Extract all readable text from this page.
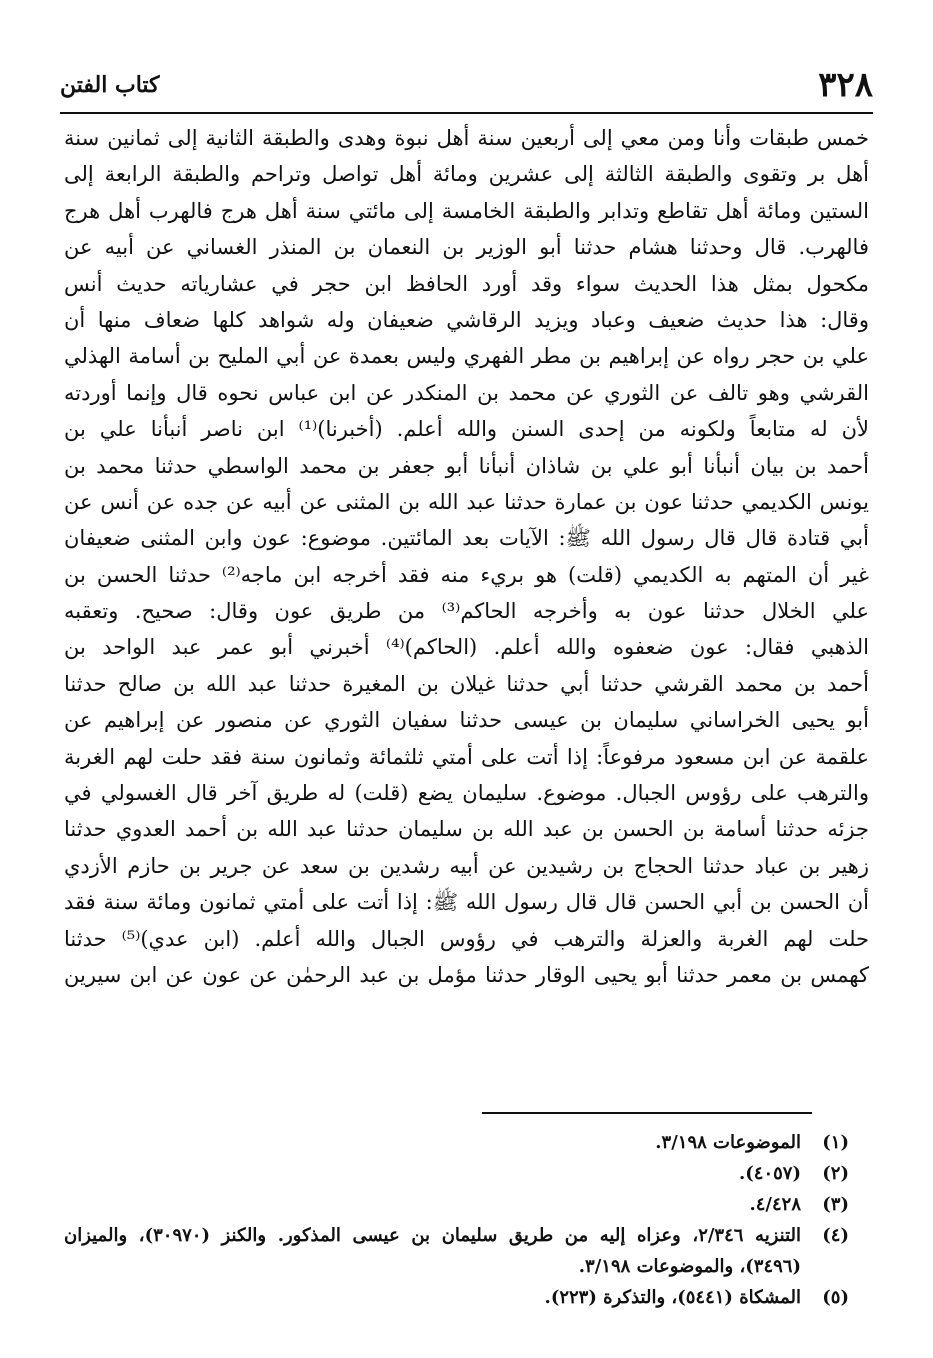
٣٢٨
كتاب الفتن
خمس طبقات وأنا ومن معي إلى أربعين سنة أهل نبوة وهدى والطبقة الثانية إلى ثمانين سنة
أهل بر وتقوى والطبقة الثالثة إلى عشرين ومائة أهل تواصل وتراحم والطبقة الرابعة إلى
الستين ومائة أهل تقاطع وتدابر والطبقة الخامسة إلى مائتي سنة أهل هرج فالهرب أهل هرج
فالهرب. قال وحدثنا هشام حدثنا أبو الوزير بن النعمان بن المنذر الغساني عن أبيه عن
مكحول بمثل هذا الحديث سواء وقد أورد الحافظ ابن حجر في عشارياته حديث أنس
وقال: هذا حديث ضعيف وعباد ويزيد الرقاشي ضعيفان وله شواهد كلها ضعاف منها أن
علي بن حجر رواه عن إبراهيم بن مطر الفهري وليس بعمدة عن أبي المليح بن أسامة الهذلي
القرشي وهو تالف عن الثوري عن محمد بن المنكدر عن ابن عباس نحوه قال وإنما أوردته
لأن له متابعاً ولكونه من إحدى السنن والله أعلم. (أخبرنا)⁽¹⁾ ابن ناصر أنبأنا علي بن
أحمد بن بيان أنبأنا أبو علي بن شاذان أنبأنا أبو جعفر بن محمد الواسطي حدثنا محمد بن
يونس الكديمي حدثنا عون بن عمارة حدثنا عبد الله بن المثنى عن أبيه عن جده عن أنس عن
أبي قتادة قال قال رسول الله ﷺ: الآيات بعد المائتين. موضوع: عون وابن المثنى ضعيفان
غير أن المتهم به الكديمي (قلت) هو بريء منه فقد أخرجه ابن ماجه⁽²⁾ حدثنا الحسن بن
علي الخلال حدثنا عون به وأخرجه الحاكم⁽³⁾ من طريق عون وقال: صحيح. وتعقبه
الذهبي فقال: عون ضعفوه والله أعلم. (الحاكم)⁽⁴⁾ أخبرني أبو عمر عبد الواحد بن
أحمد بن محمد القرشي حدثنا أبي حدثنا غيلان بن المغيرة حدثنا عبد الله بن صالح حدثنا
أبو يحيى الخراساني سليمان بن عيسى حدثنا سفيان الثوري عن منصور عن إبراهيم عن
علقمة عن ابن مسعود مرفوعاً: إذا أتت على أمتي ثلثمائة وثمانون سنة فقد حلت لهم الغربة
والترهب على رؤوس الجبال. موضوع. سليمان يضع (قلت) له طريق آخر قال الغسولي في
جزئه حدثنا أسامة بن الحسن بن عبد الله بن سليمان حدثنا عبد الله بن أحمد العدوي حدثنا
زهير بن عباد حدثنا الحجاج بن رشيدين عن أبيه رشدين بن سعد عن جرير بن حازم الأزدي
أن الحسن بن أبي الحسن قال قال رسول الله ﷺ: إذا أتت على أمتي ثمانون ومائة سنة فقد
حلت لهم الغربة والعزلة والترهب في رؤوس الجبال والله أعلم. (ابن عدي)⁽⁵⁾ حدثنا
كهمس بن معمر حدثنا أبو يحيى الوقار حدثنا مؤمل بن عبد الرحمٰن عن عون عن ابن سيرين
(١)
الموضوعات ٣/١٩٨.
(٢)
(٤٠٥٧).
(٣)
٤/٤٢٨.
(٤)
التنزيه ٢/٣٤٦، وعزاه إليه من طريق سليمان بن عيسى المذكور. والكنز (٣٠٩٧٠)، والميزان
(٣٤٩٦)، والموضوعات ٣/١٩٨.
(٥)
المشكاة (٥٤٤١)، والتذكرة (٢٢٣).
